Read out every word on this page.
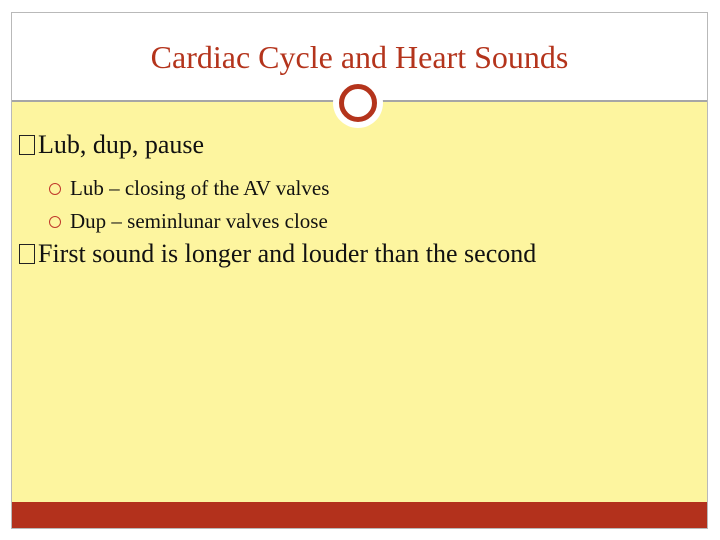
Cardiac Cycle and Heart Sounds
Lub, dup, pause
Lub – closing of the AV valves
Dup – seminlunar valves close
First sound is longer and louder than the second
